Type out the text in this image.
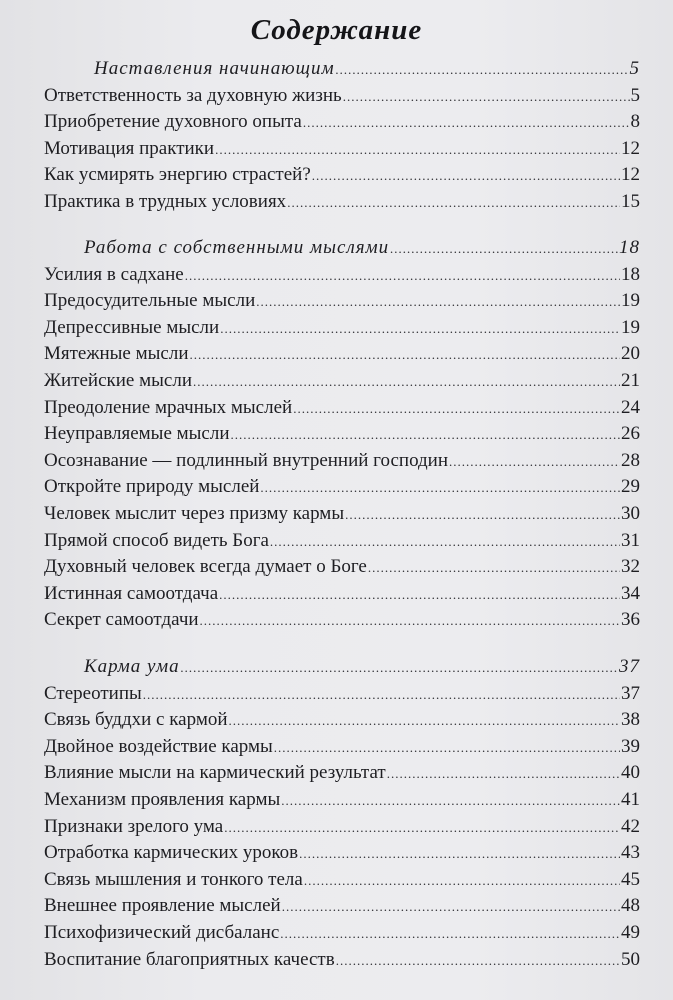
Содержание
Наставления начинающим .....	5
Ответственность за духовную жизнь .....	5
Приобретение духовного опыта .....	8
Мотивация практики .....	12
Как усмирять энергию страстей? .....	12
Практика в трудных условиях .....	15
Работа с собственными мыслями .....	18
Усилия в садхане .....	18
Предосудительные мысли .....	19
Депрессивные мысли .....	19
Мятежные мысли .....	20
Житейские мысли .....	21
Преодоление мрачных мыслей .....	24
Неуправляемые мысли .....	26
Осознавание — подлинный внутренний господин .....	28
Откройте природу мыслей .....	29
Человек мыслит через призму кармы .....	30
Прямой способ видеть Бога .....	31
Духовный человек всегда думает о Боге .....	32
Истинная самоотдача .....	34
Секрет самоотдачи .....	36
Карма ума .....	37
Стереотипы .....	37
Связь буддхи с кармой .....	38
Двойное воздействие кармы .....	39
Влияние мысли на кармический результат .....	40
Механизм проявления кармы .....	41
Признаки зрелого ума .....	42
Отработка кармических уроков .....	43
Связь мышления и тонкого тела .....	45
Внешнее проявление мыслей .....	48
Психофизический дисбаланс .....	49
Воспитание благоприятных качеств .....	50
